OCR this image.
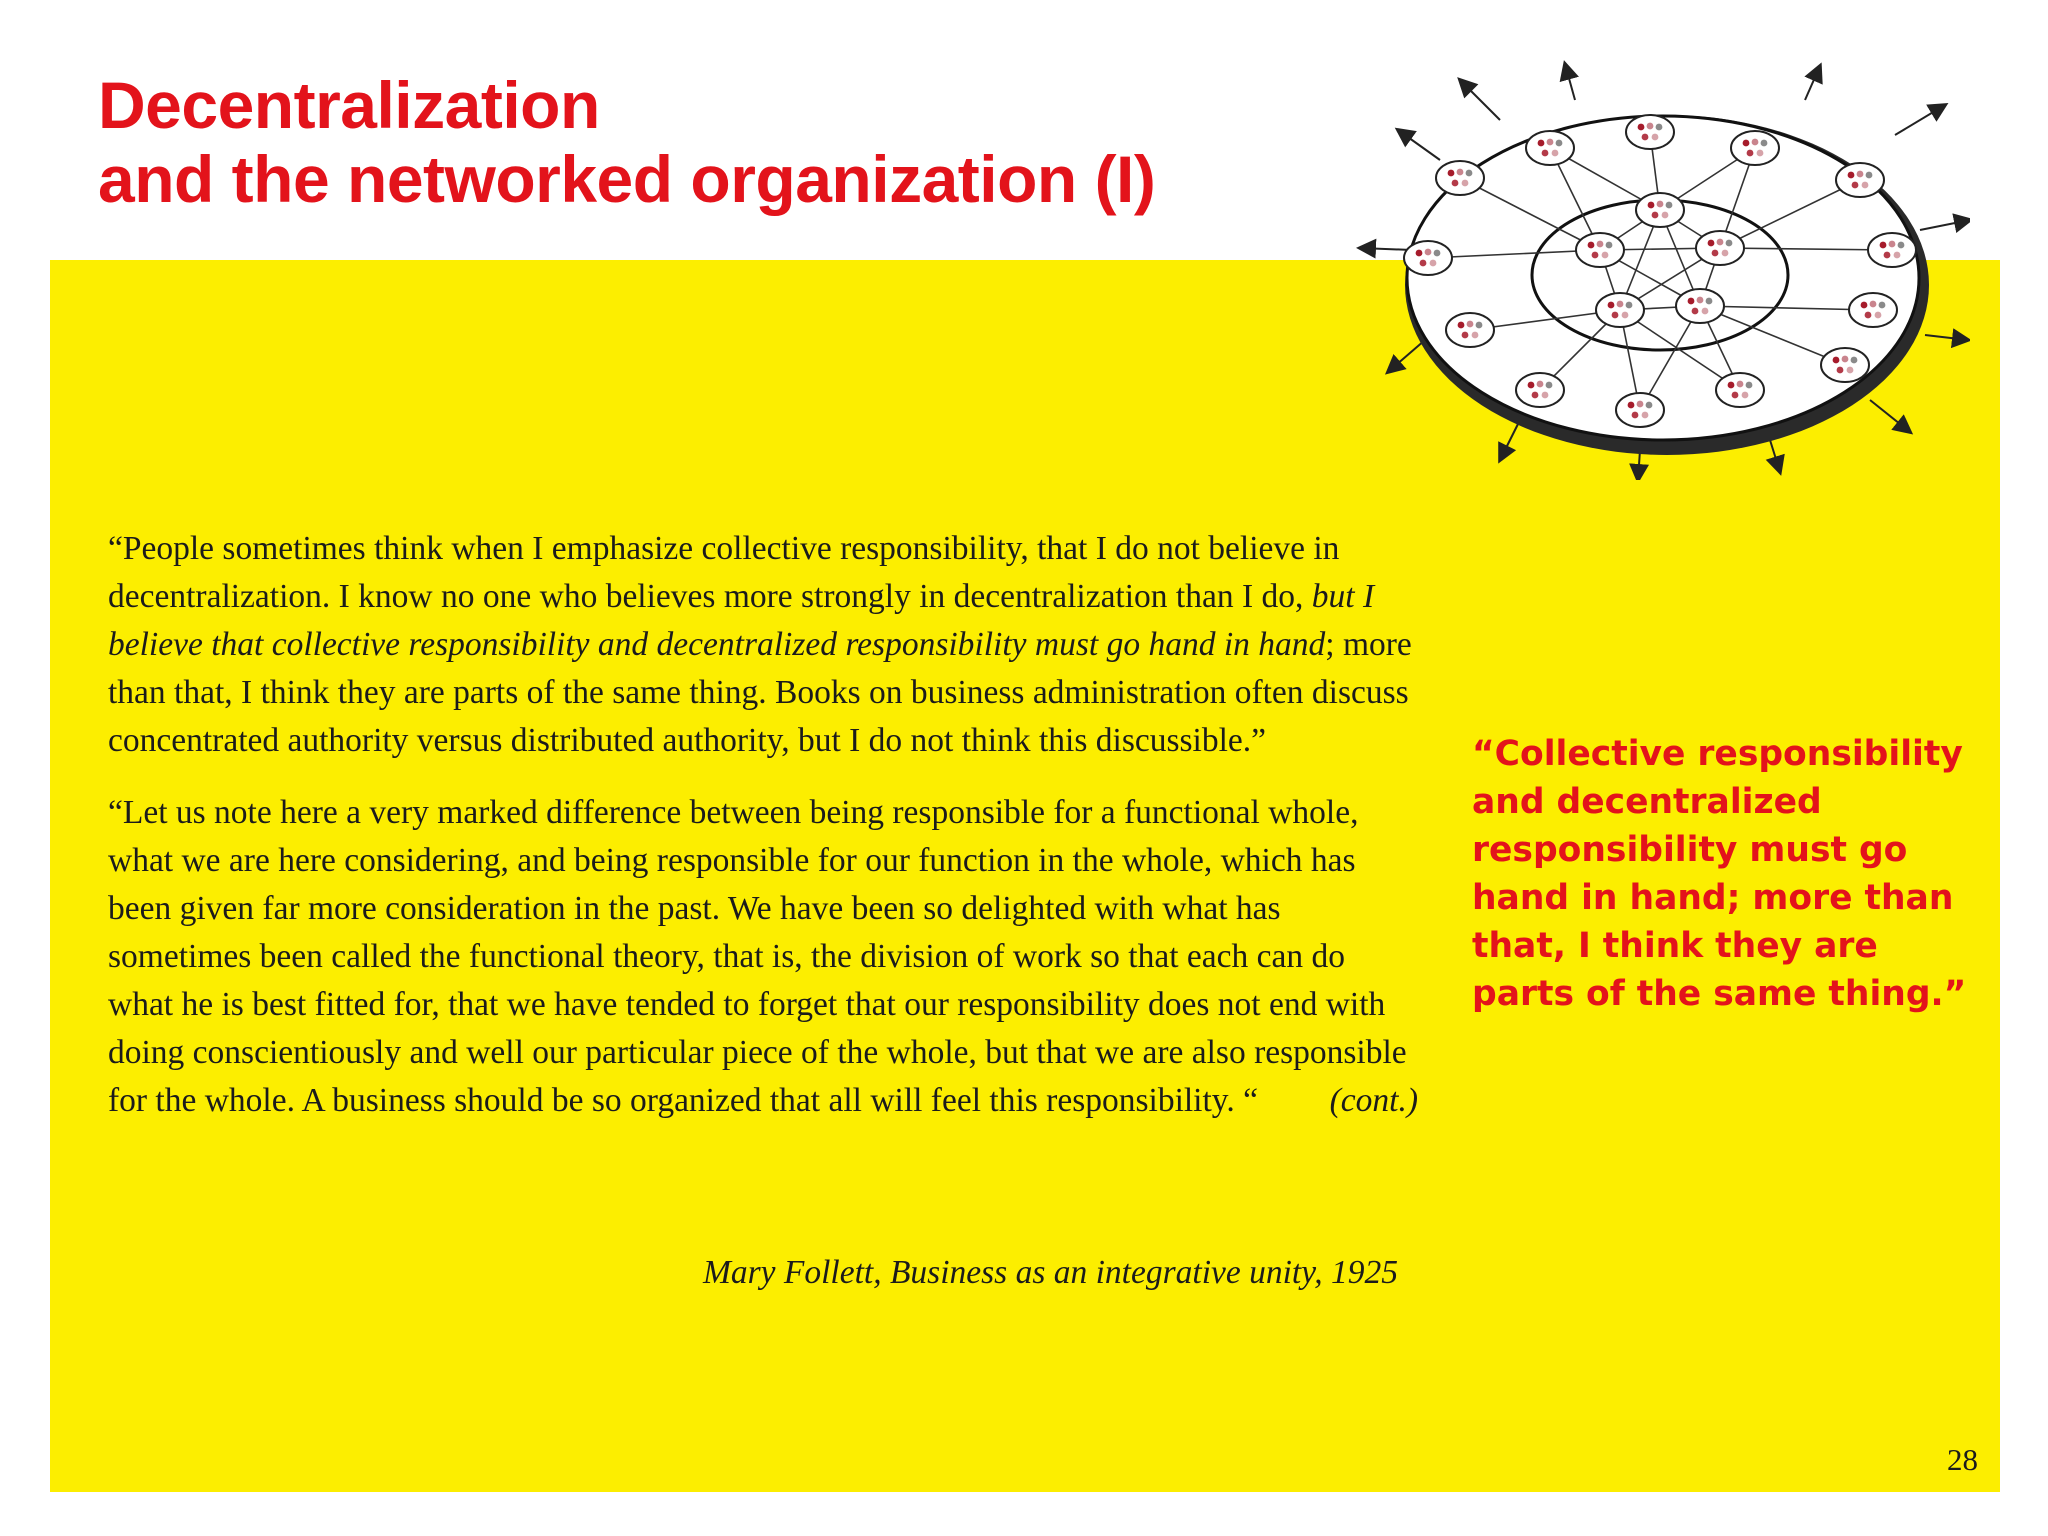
Decentralization
and the networked organization (I)

“People sometimes think when I emphasize collective responsibility, that I do not believe in decentralization. I know no one who believes more strongly in decentralization than I do, but I believe that collective responsibility and decentralized responsibility must go hand in hand; more than that, I think they are parts of the same thing. Books on business administration often discuss concentrated authority versus distributed authority, but I do not think this discussible.”

“Let us note here a very marked difference between being responsible for a functional whole, what we are here considering, and being responsible for our function in the whole, which has been given far more consideration in the past. We have been so delighted with what has sometimes been called the functional theory, that is, the division of work so that each can do what he is best fitted for, that we have tended to forget that our responsibility does not end with doing conscientiously and well our particular piece of the whole, but that we are also responsible for the whole. A business should be so organized that all will feel this responsibility. “ (cont.)

Mary Follett, Business as an integrative unity, 1925
“Collective responsibility and decentralized responsibility must go hand in hand; more than that, I think they are parts of the same thing.”
28
